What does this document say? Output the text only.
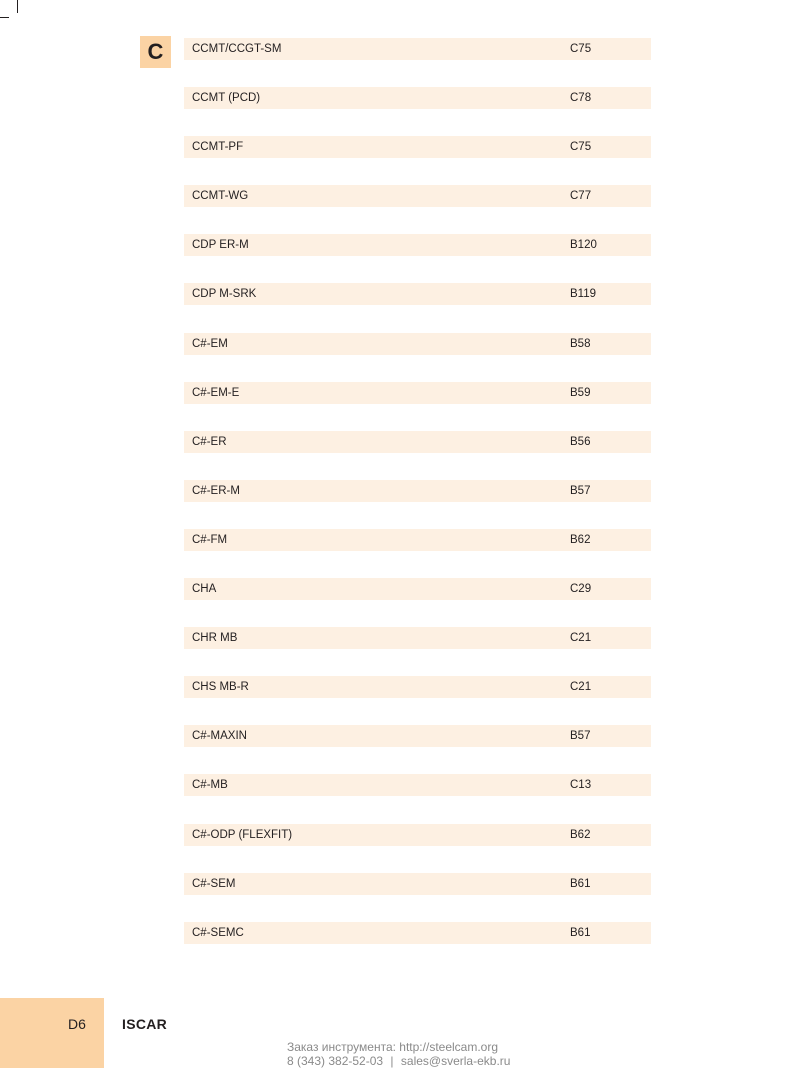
C	CCMT/CCGT-SM	C75
CCMT (PCD)	C78
CCMT-PF	C75
CCMT-WG	C77
CDP ER-M	B120
CDP M-SRK	B119
C#-EM	B58
C#-EM-E	B59
C#-ER	B56
C#-ER-M	B57
C#-FM	B62
CHA	C29
CHR MB	C21
CHS MB-R	C21
C#-MAXIN	B57
C#-MB	C13
C#-ODP (FLEXFIT)	B62
C#-SEM	B61
C#-SEMC	B61
D6	ISCAR
Заказ инструмента: http://steelcam.org
8 (343) 382-52-03 | sales@sverla-ekb.ru
